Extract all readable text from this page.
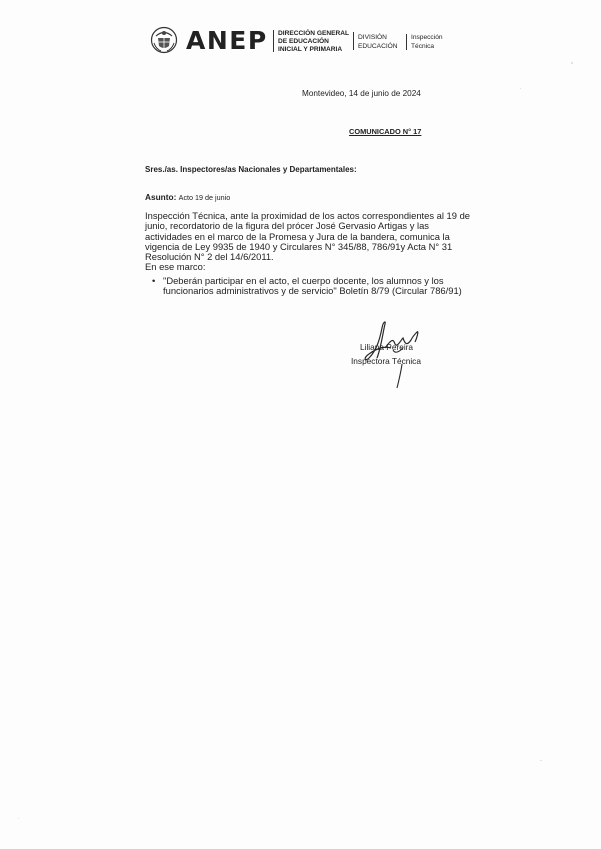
ANEP DIRECCIÓN GENERAL
DE EDUCACIÓN
INICIAL Y PRIMARIA
DIVISIÓN
EDUCACIÓN
Inspección
Técnica
Montevideo, 14 de junio de 2024
COMUNICADO N° 17
Sres./as. Inspectores/as Nacionales y Departamentales:
Asunto: Acto 19 de junio
Inspección Técnica, ante la proximidad de los actos correspondientes al 19 de
junio, recordatorio de la figura del prócer José Gervasio Artigas y las
actividades en el marco de la Promesa y Jura de la bandera, comunica la
vigencia de Ley 9935 de 1940 y Circulares N° 345/88, 786/91y Acta N° 31
Resolución N° 2 del 14/6/2011.
En ese marco:
• "Deberán participar en el acto, el cuerpo docente, los alumnos y los
funcionarios administrativos y de servicio" Boletín 8/79 (Circular 786/91)
Liliana Pereira
Inspectora Técnica
